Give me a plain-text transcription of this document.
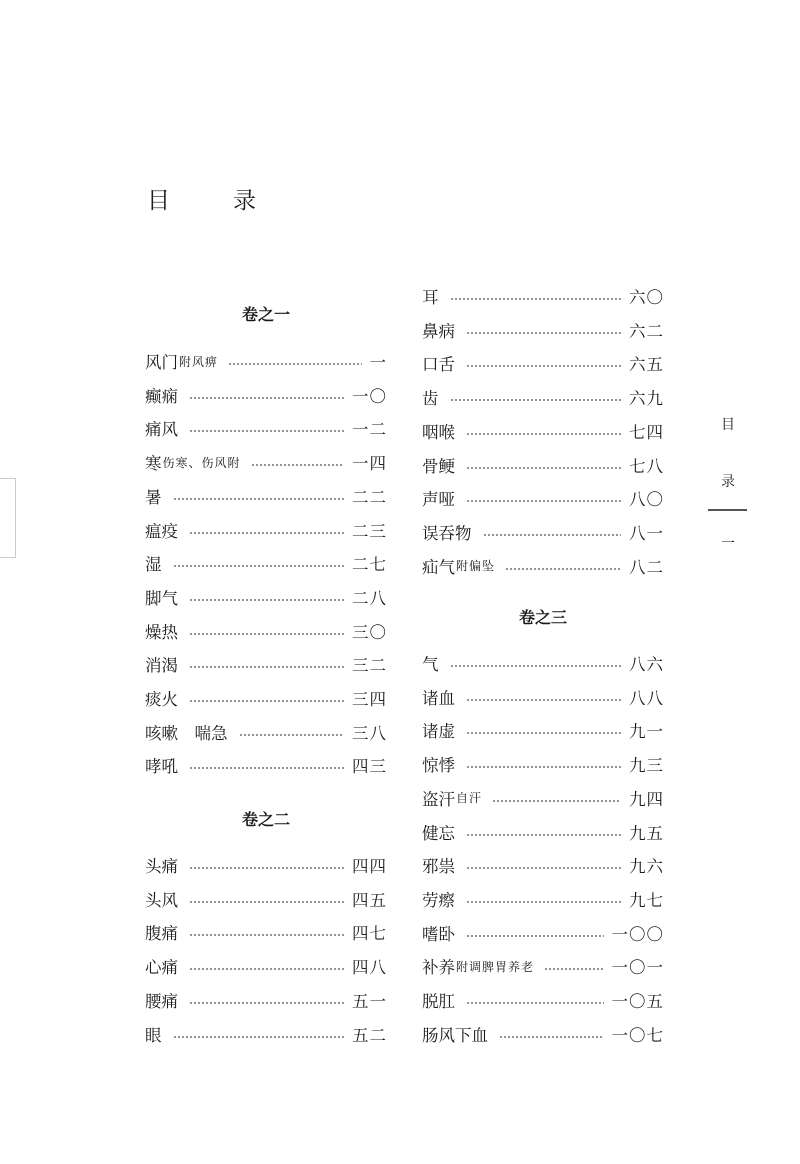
目　录
卷之一
风门 附风痹	一
癫痫	一〇
痛风	一二
寒 伤寒、伤风附	一四
暑	二二
瘟疫	二三
湿	二七
脚气	二八
燥热	三〇
消渴	三二
痰火	三四
咳嗽　喘急	三八
哮吼	四三
卷之二
头痛	四四
头风	四五
腹痛	四七
心痛	四八
腰痛	五一
眼	五二
耳	六〇
鼻病	六二
口舌	六五
齿	六九
咽喉	七四
骨鲠	七八
声哑	八〇
误吞物	八一
疝气 附偏坠	八二
卷之三
气	八六
诸血	八八
诸虚	九一
惊悸	九三
盗汗 自汗	九四
健忘	九五
邪祟	九六
劳瘵	九七
嗜卧	一〇〇
补养 附调脾胃养老	一〇一
脱肛	一〇五
肠风下血	一〇七
目
录
一
